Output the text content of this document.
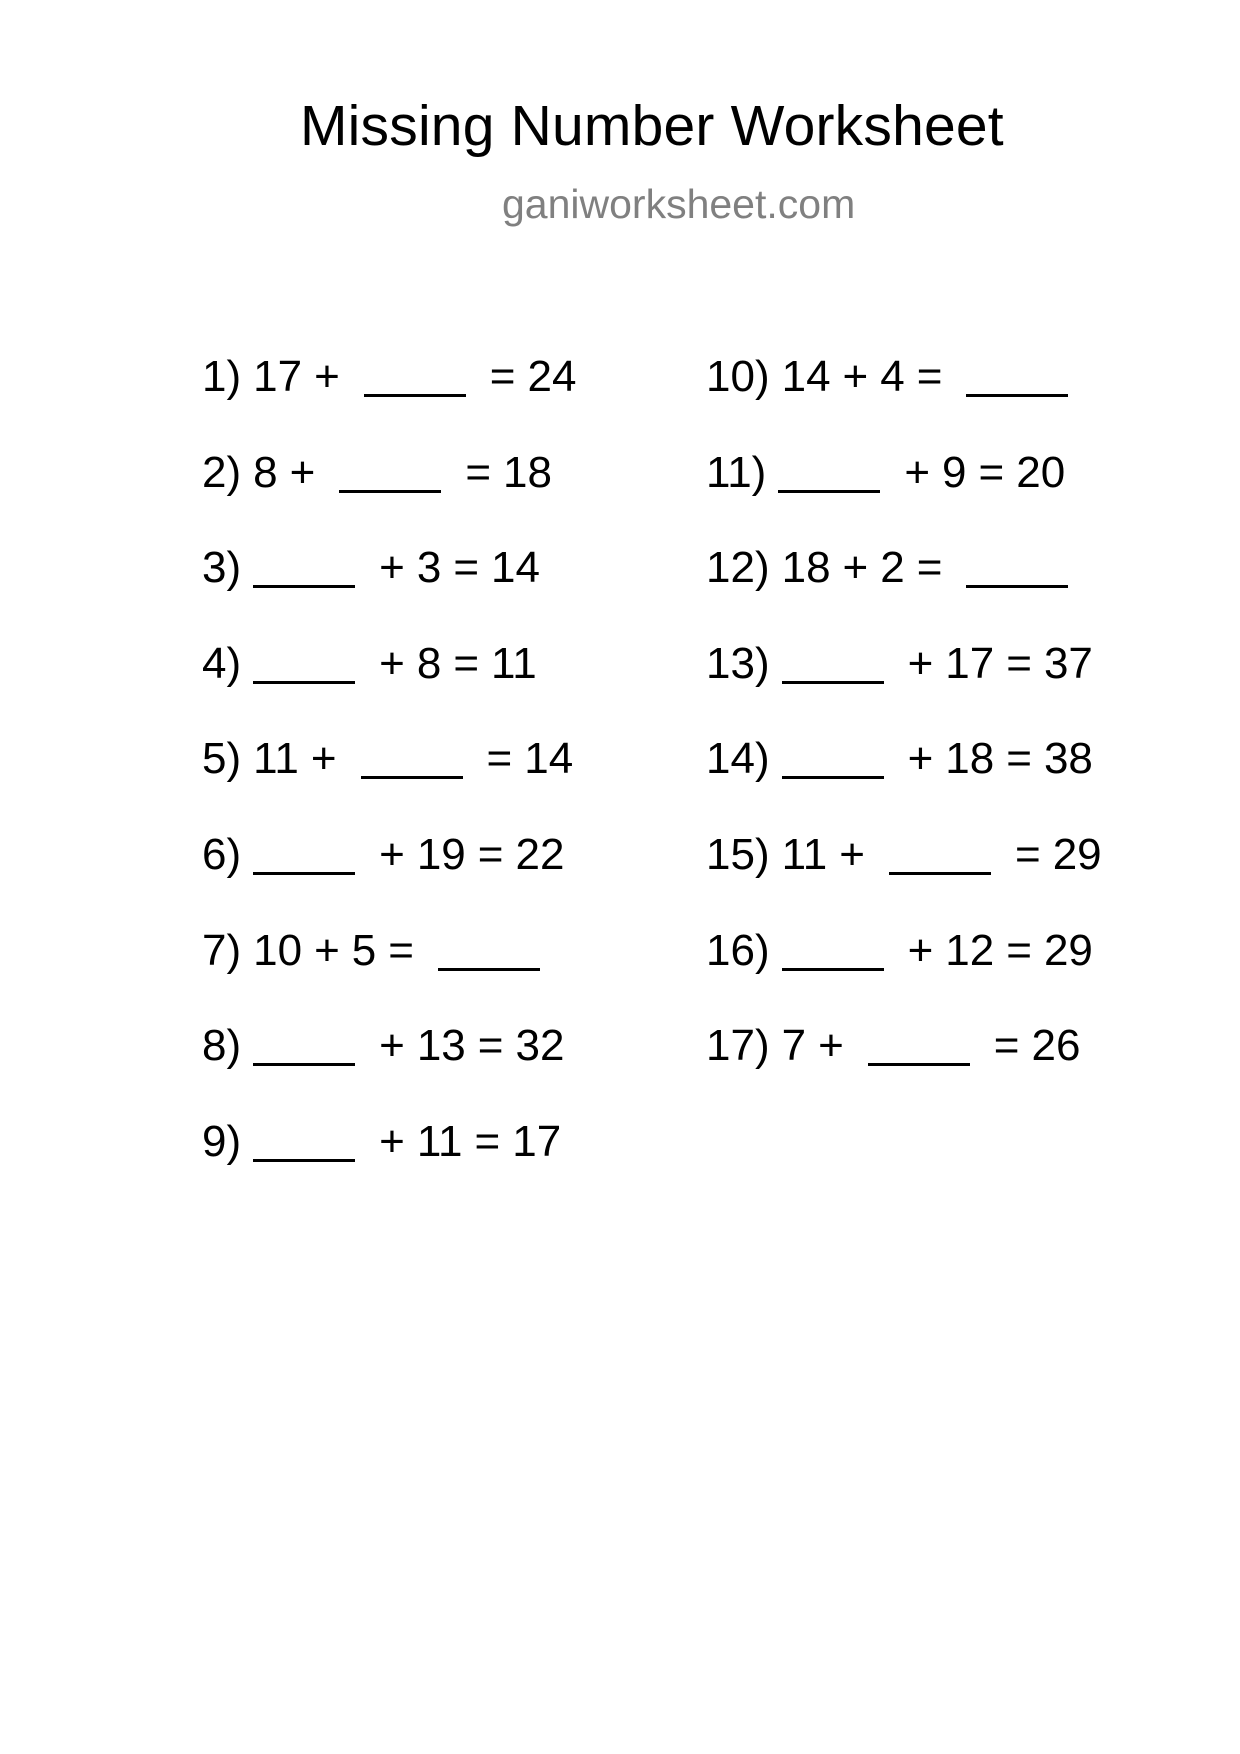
Missing Number Worksheet
ganiworksheet.com
1) 17 +	= 24
2) 8 +	= 18
3)	+ 3 = 14
4)	+ 8 = 11
5) 11 +	= 14
6)	+ 19 = 22
7) 10 + 5 =
8)	+ 13 = 32
9)	+ 11 = 17
10) 14 + 4 =
11)	+ 9 = 20
12) 18 + 2 =
13)	+ 17 = 37
14)	+ 18 = 38
15) 11 +	= 29
16)	+ 12 = 29
17) 7 +	= 26
